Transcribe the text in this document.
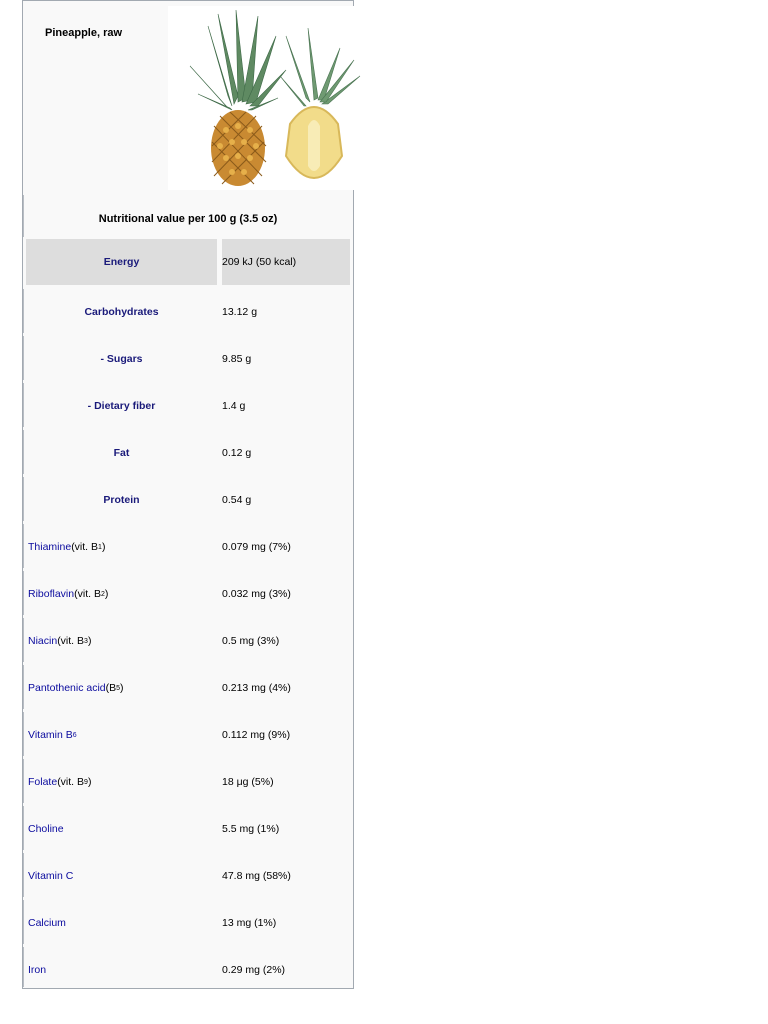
Pineapple, raw
Nutritional value per 100 g (3.5 oz)
Energy	209 kJ (50 kcal)
Carbohydrates	13.12 g
- Sugars	9.85 g
- Dietary fiber	1.4 g
Fat	0.12 g
Protein	0.54 g
Thiamine (vit. B 1 )	0.079 mg (7%)
Riboflavin (vit. B 2 )	0.032 mg (3%)
Niacin (vit. B 3 )	0.5 mg (3%)
Pantothenic acid (B 5 )	0.213 mg (4%)
Vitamin B 6	0.112 mg (9%)
Folate (vit. B 9 )	18 μg (5%)
Choline	5.5 mg (1%)
Vitamin C	47.8 mg (58%)
Calcium	13 mg (1%)
Iron	0.29 mg (2%)
